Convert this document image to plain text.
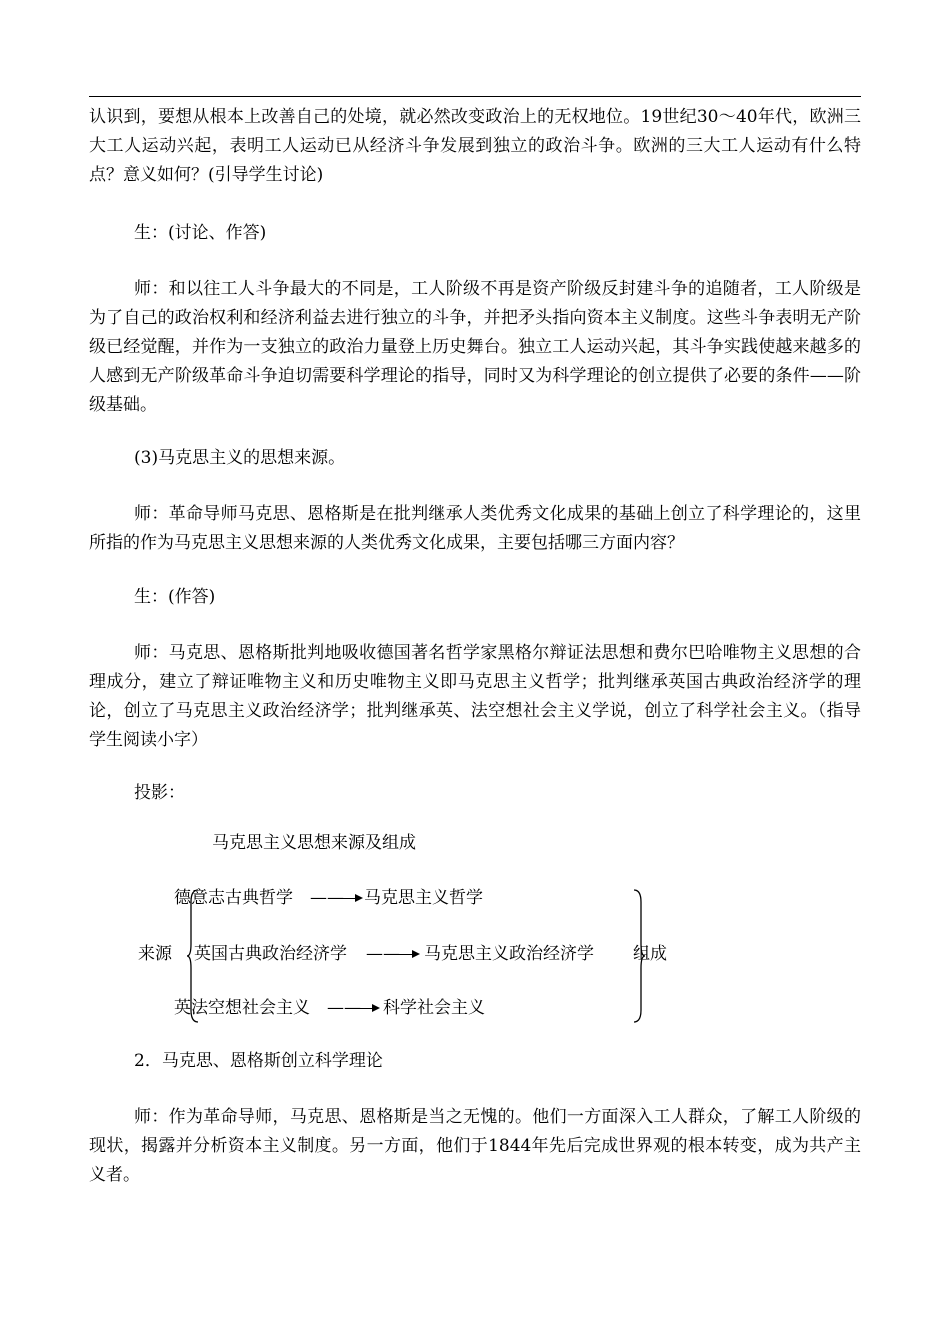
认识到，要想从根本上改善自己的处境，就必然改变政治上的无权地位。19世纪30～40年代，欧洲三大工人运动兴起，表明工人运动已从经济斗争发展到独立的政治斗争。欧洲的三大工人运动有什么特点？意义如何？(引导学生讨论)

生：(讨论、作答)

师：和以往工人斗争最大的不同是，工人阶级不再是资产阶级反封建斗争的追随者，工人阶级是为了自己的政治权利和经济利益去进行独立的斗争，并把矛头指向资本主义制度。这些斗争表明无产阶级已经觉醒，并作为一支独立的政治力量登上历史舞台。独立工人运动兴起，其斗争实践使越来越多的人感到无产阶级革命斗争迫切需要科学理论的指导，同时又为科学理论的创立提供了必要的条件——阶级基础。

(3)马克思主义的思想来源。

师：革命导师马克思、恩格斯是在批判继承人类优秀文化成果的基础上创立了科学理论的，这里所指的作为马克思主义思想来源的人类优秀文化成果，主要包括哪三方面内容？

生：(作答)

师：马克思、恩格斯批判地吸收德国著名哲学家黑格尔辩证法思想和费尔巴哈唯物主义思想的合理成分，建立了辩证唯物主义和历史唯物主义即马克思主义哲学；批判继承英国古典政治经济学的理论，创立了马克思主义政治经济学；批判继承英、法空想社会主义学说，创立了科学社会主义。（指导学生阅读小字）

投影：

马克思主义思想来源及组成
来源	组成
德意志古典哲学 —— 马克思主义哲学
英国古典政治经济学 —— 马克思主义政治经济学
英法空想社会主义 —— 科学社会主义

2．马克思、恩格斯创立科学理论

师：作为革命导师，马克思、恩格斯是当之无愧的。他们一方面深入工人群众，了解工人阶级的现状，揭露并分析资本主义制度。另一方面，他们于1844年先后完成世界观的根本转变，成为共产主义者。
